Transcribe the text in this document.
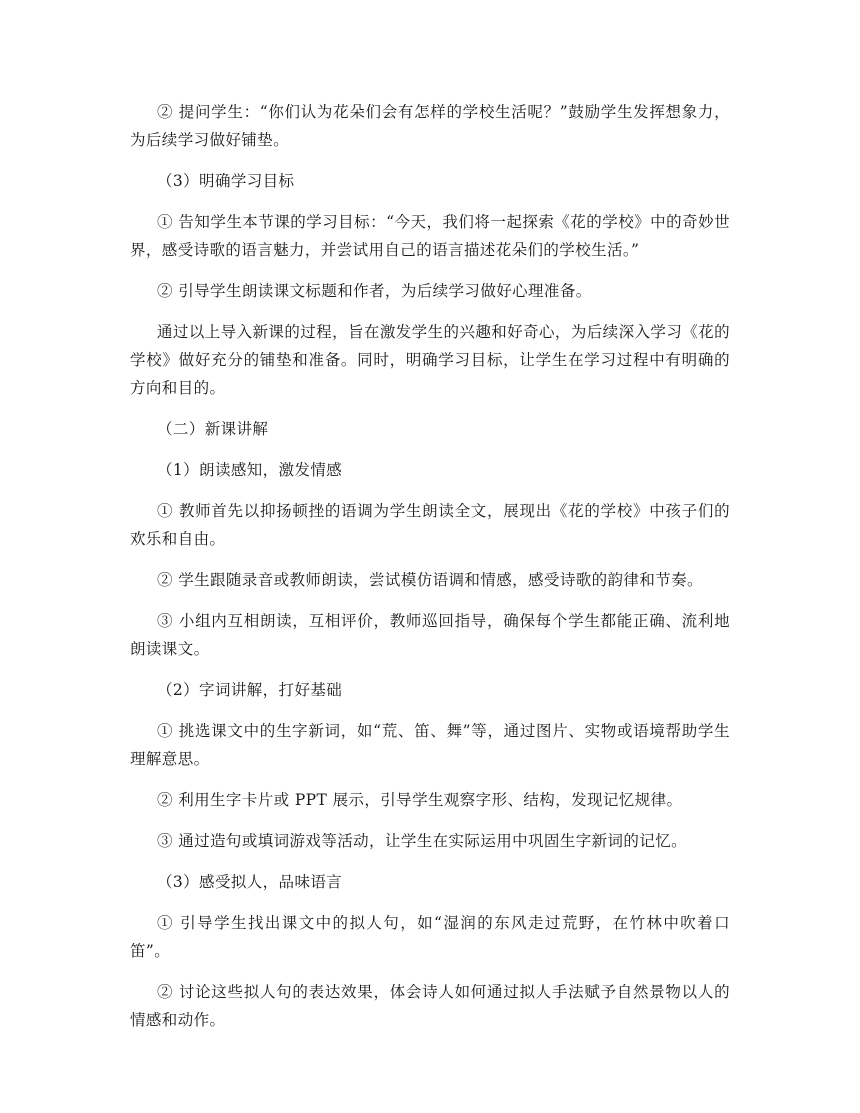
② 提问学生：“你们认为花朵们会有怎样的学校生活呢？”鼓励学生发挥想象力，为后续学习做好铺垫。

（3）明确学习目标

① 告知学生本节课的学习目标：“今天，我们将一起探索《花的学校》中的奇妙世界，感受诗歌的语言魅力，并尝试用自己的语言描述花朵们的学校生活。”

② 引导学生朗读课文标题和作者，为后续学习做好心理准备。

通过以上导入新课的过程，旨在激发学生的兴趣和好奇心，为后续深入学习《花的学校》做好充分的铺垫和准备。同时，明确学习目标，让学生在学习过程中有明确的方向和目的。

（二）新课讲解

（1）朗读感知，激发情感

① 教师首先以抑扬顿挫的语调为学生朗读全文，展现出《花的学校》中孩子们的欢乐和自由。

② 学生跟随录音或教师朗读，尝试模仿语调和情感，感受诗歌的韵律和节奏。

③ 小组内互相朗读，互相评价，教师巡回指导，确保每个学生都能正确、流利地朗读课文。

（2）字词讲解，打好基础

① 挑选课文中的生字新词，如“荒、笛、舞”等，通过图片、实物或语境帮助学生理解意思。

② 利用生字卡片或 PPT 展示，引导学生观察字形、结构，发现记忆规律。

③ 通过造句或填词游戏等活动，让学生在实际运用中巩固生字新词的记忆。

（3）感受拟人，品味语言

① 引导学生找出课文中的拟人句，如“湿润的东风走过荒野，在竹林中吹着口笛”。

② 讨论这些拟人句的表达效果，体会诗人如何通过拟人手法赋予自然景物以人的情感和动作。
